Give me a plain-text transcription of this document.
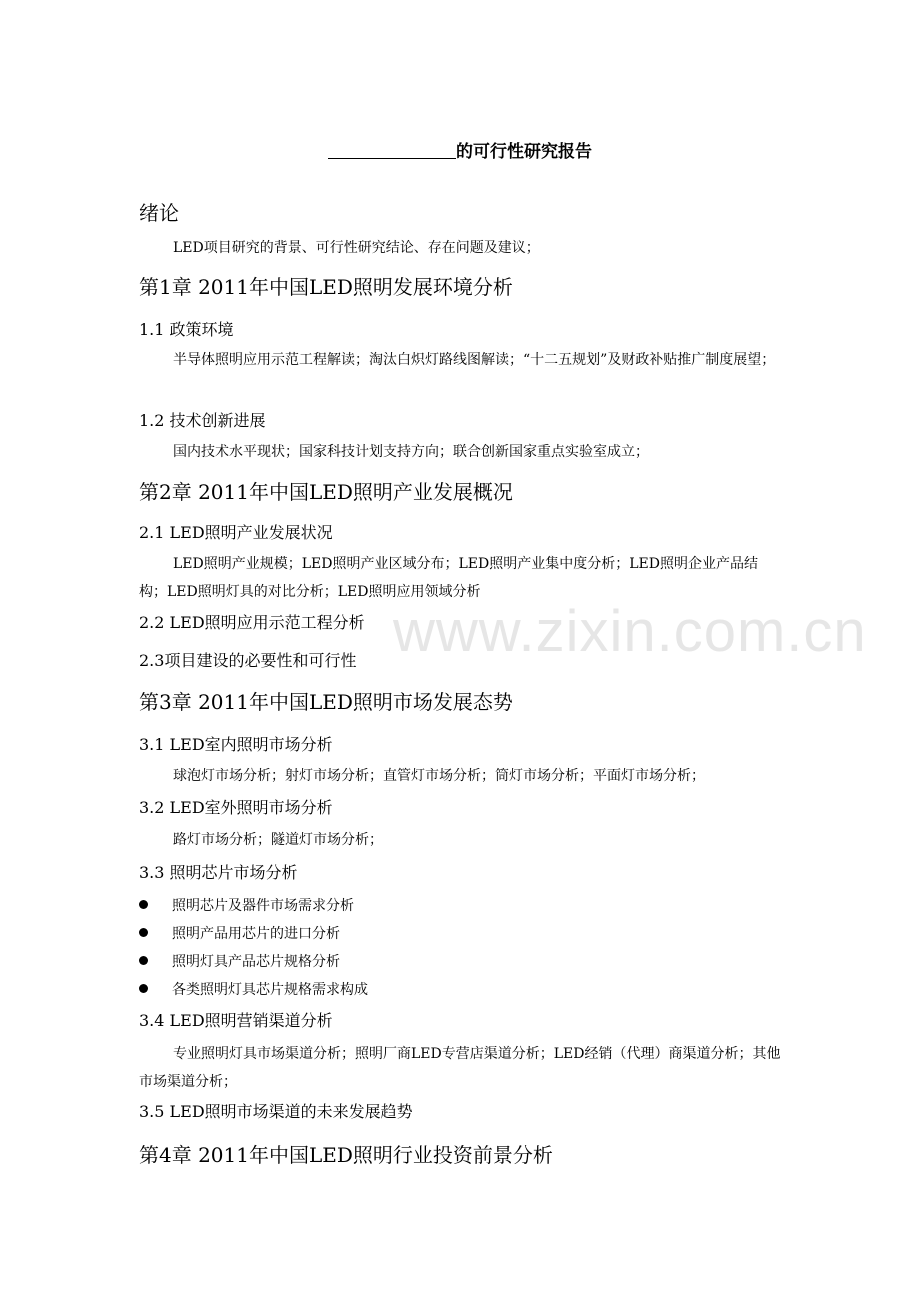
www.zixin.com.cn
的可行性研究报告
绪论
LED项目研究的背景、可行性研究结论、存在问题及建议；
第1章 2011年中国LED照明发展环境分析
1.1 政策环境
半导体照明应用示范工程解读；淘汰白炽灯路线图解读；“十二五规划”及财政补贴推广制度展望；
1.2 技术创新进展
国内技术水平现状；国家科技计划支持方向；联合创新国家重点实验室成立；
第2章 2011年中国LED照明产业发展概况
2.1 LED照明产业发展状况
LED照明产业规模；LED照明产业区域分布；LED照明产业集中度分析；LED照明企业产品结构；LED照明灯具的对比分析；LED照明应用领域分析
2.2 LED照明应用示范工程分析
2.3项目建设的必要性和可行性
第3章 2011年中国LED照明市场发展态势
3.1 LED室内照明市场分析
球泡灯市场分析；射灯市场分析；直管灯市场分析；筒灯市场分析；平面灯市场分析；
3.2 LED室外照明市场分析
路灯市场分析；隧道灯市场分析；
3.3 照明芯片市场分析
照明芯片及器件市场需求分析
照明产品用芯片的进口分析
照明灯具产品芯片规格分析
各类照明灯具芯片规格需求构成
3.4 LED照明营销渠道分析
专业照明灯具市场渠道分析；照明厂商LED专营店渠道分析；LED经销（代理）商渠道分析；其他市场渠道分析；
3.5 LED照明市场渠道的未来发展趋势
第4章 2011年中国LED照明行业投资前景分析
